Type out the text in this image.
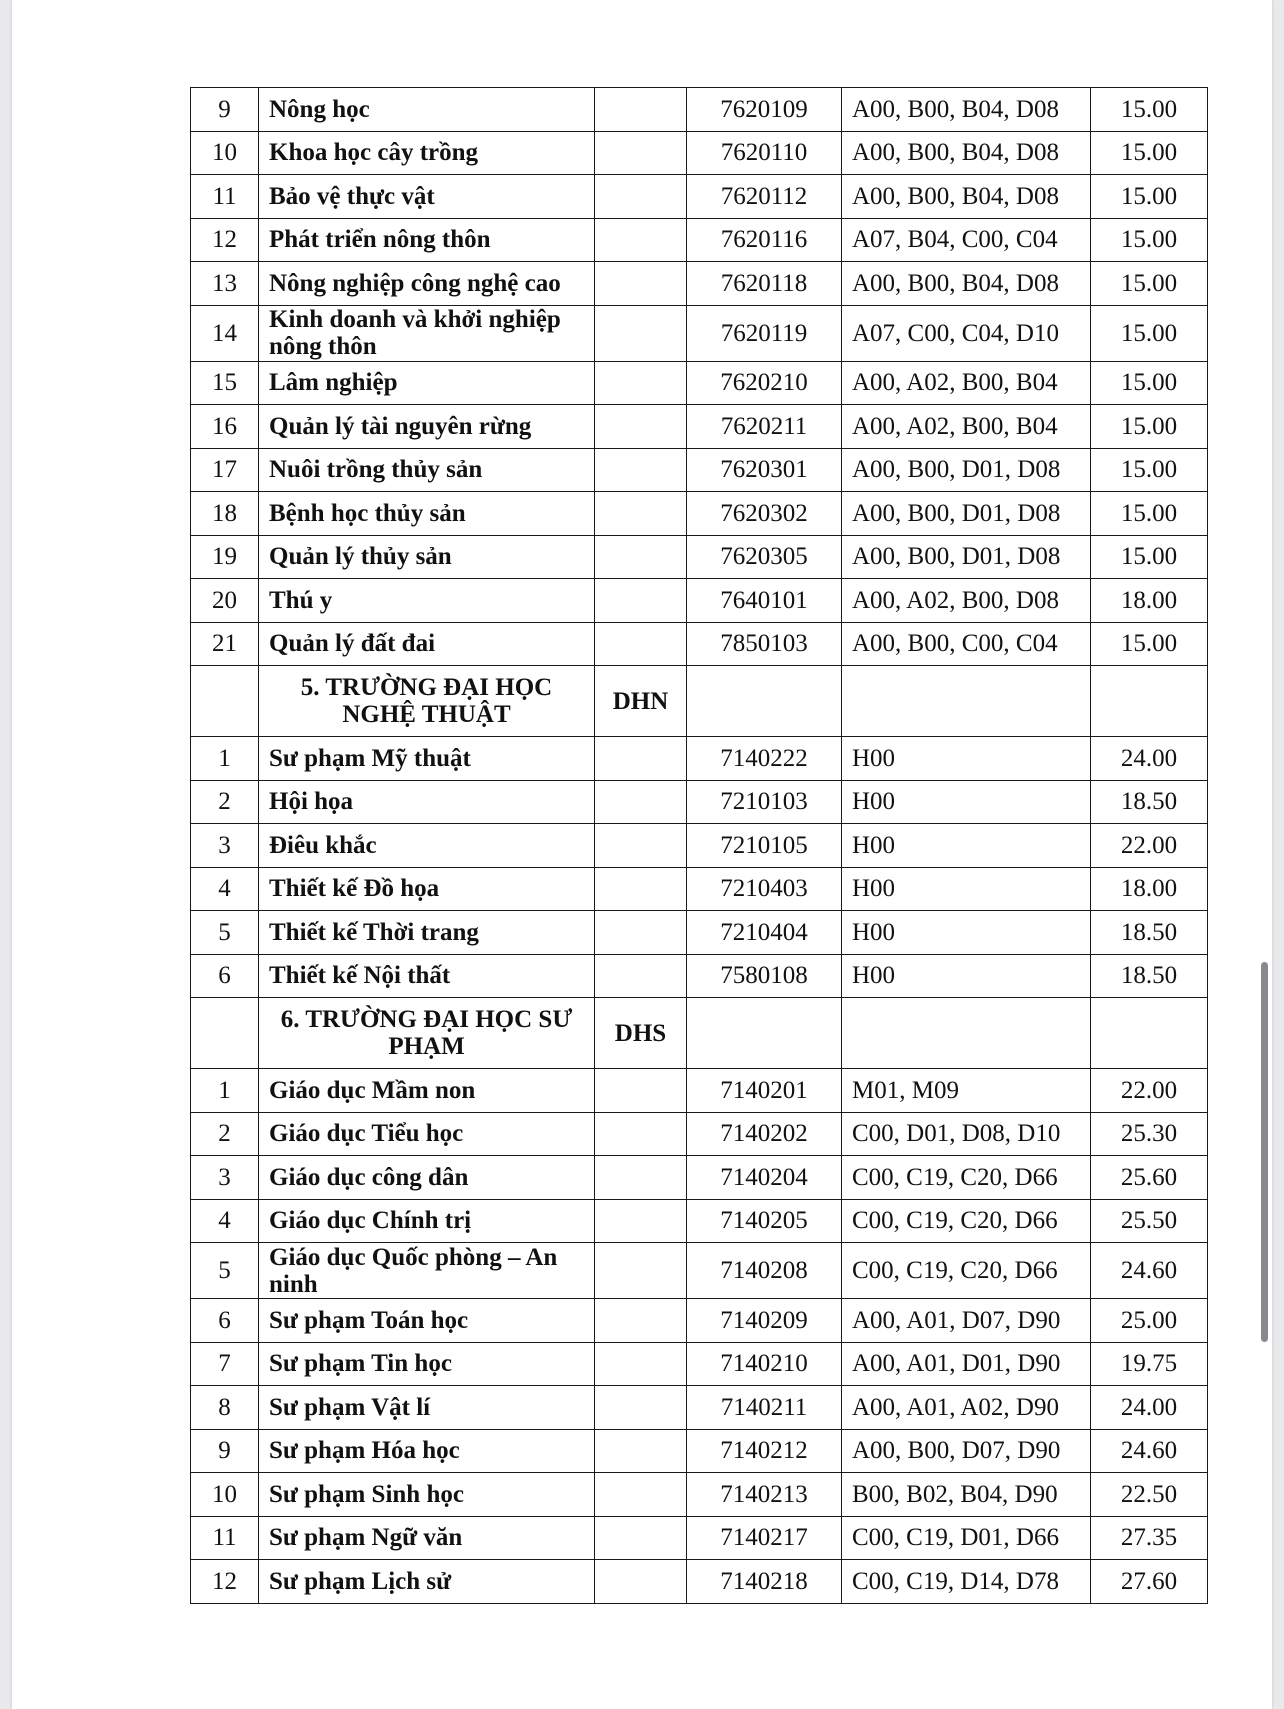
9	Nông học		7620109	A00, B00, B04, D08	15.00
10	Khoa học cây trồng		7620110	A00, B00, B04, D08	15.00
11	Bảo vệ thực vật		7620112	A00, B00, B04, D08	15.00
12	Phát triển nông thôn		7620116	A07, B04, C00, C04	15.00
13	Nông nghiệp công nghệ cao		7620118	A00, B00, B04, D08	15.00
14	Kinh doanh và khởi nghiệp nông thôn		7620119	A07, C00, C04, D10	15.00
15	Lâm nghiệp		7620210	A00, A02, B00, B04	15.00
16	Quản lý tài nguyên rừng		7620211	A00, A02, B00, B04	15.00
17	Nuôi trồng thủy sản		7620301	A00, B00, D01, D08	15.00
18	Bệnh học thủy sản		7620302	A00, B00, D01, D08	15.00
19	Quản lý thủy sản		7620305	A00, B00, D01, D08	15.00
20	Thú y		7640101	A00, A02, B00, D08	18.00
21	Quản lý đất đai		7850103	A00, B00, C00, C04	15.00
	5. TRƯỜNG ĐẠI HỌC NGHỆ THUẬT	DHN			
1	Sư phạm Mỹ thuật		7140222	H00	24.00
2	Hội họa		7210103	H00	18.50
3	Điêu khắc		7210105	H00	22.00
4	Thiết kế Đồ họa		7210403	H00	18.00
5	Thiết kế Thời trang		7210404	H00	18.50
6	Thiết kế Nội thất		7580108	H00	18.50
	6. TRƯỜNG ĐẠI HỌC SƯ PHẠM	DHS			
1	Giáo dục Mầm non		7140201	M01, M09	22.00
2	Giáo dục Tiểu học		7140202	C00, D01, D08, D10	25.30
3	Giáo dục công dân		7140204	C00, C19, C20, D66	25.60
4	Giáo dục Chính trị		7140205	C00, C19, C20, D66	25.50
5	Giáo dục Quốc phòng – An ninh		7140208	C00, C19, C20, D66	24.60
6	Sư phạm Toán học		7140209	A00, A01, D07, D90	25.00
7	Sư phạm Tin học		7140210	A00, A01, D01, D90	19.75
8	Sư phạm Vật lí		7140211	A00, A01, A02, D90	24.00
9	Sư phạm Hóa học		7140212	A00, B00, D07, D90	24.60
10	Sư phạm Sinh học		7140213	B00, B02, B04, D90	22.50
11	Sư phạm Ngữ văn		7140217	C00, C19, D01, D66	27.35
12	Sư phạm Lịch sử		7140218	C00, C19, D14, D78	27.60
